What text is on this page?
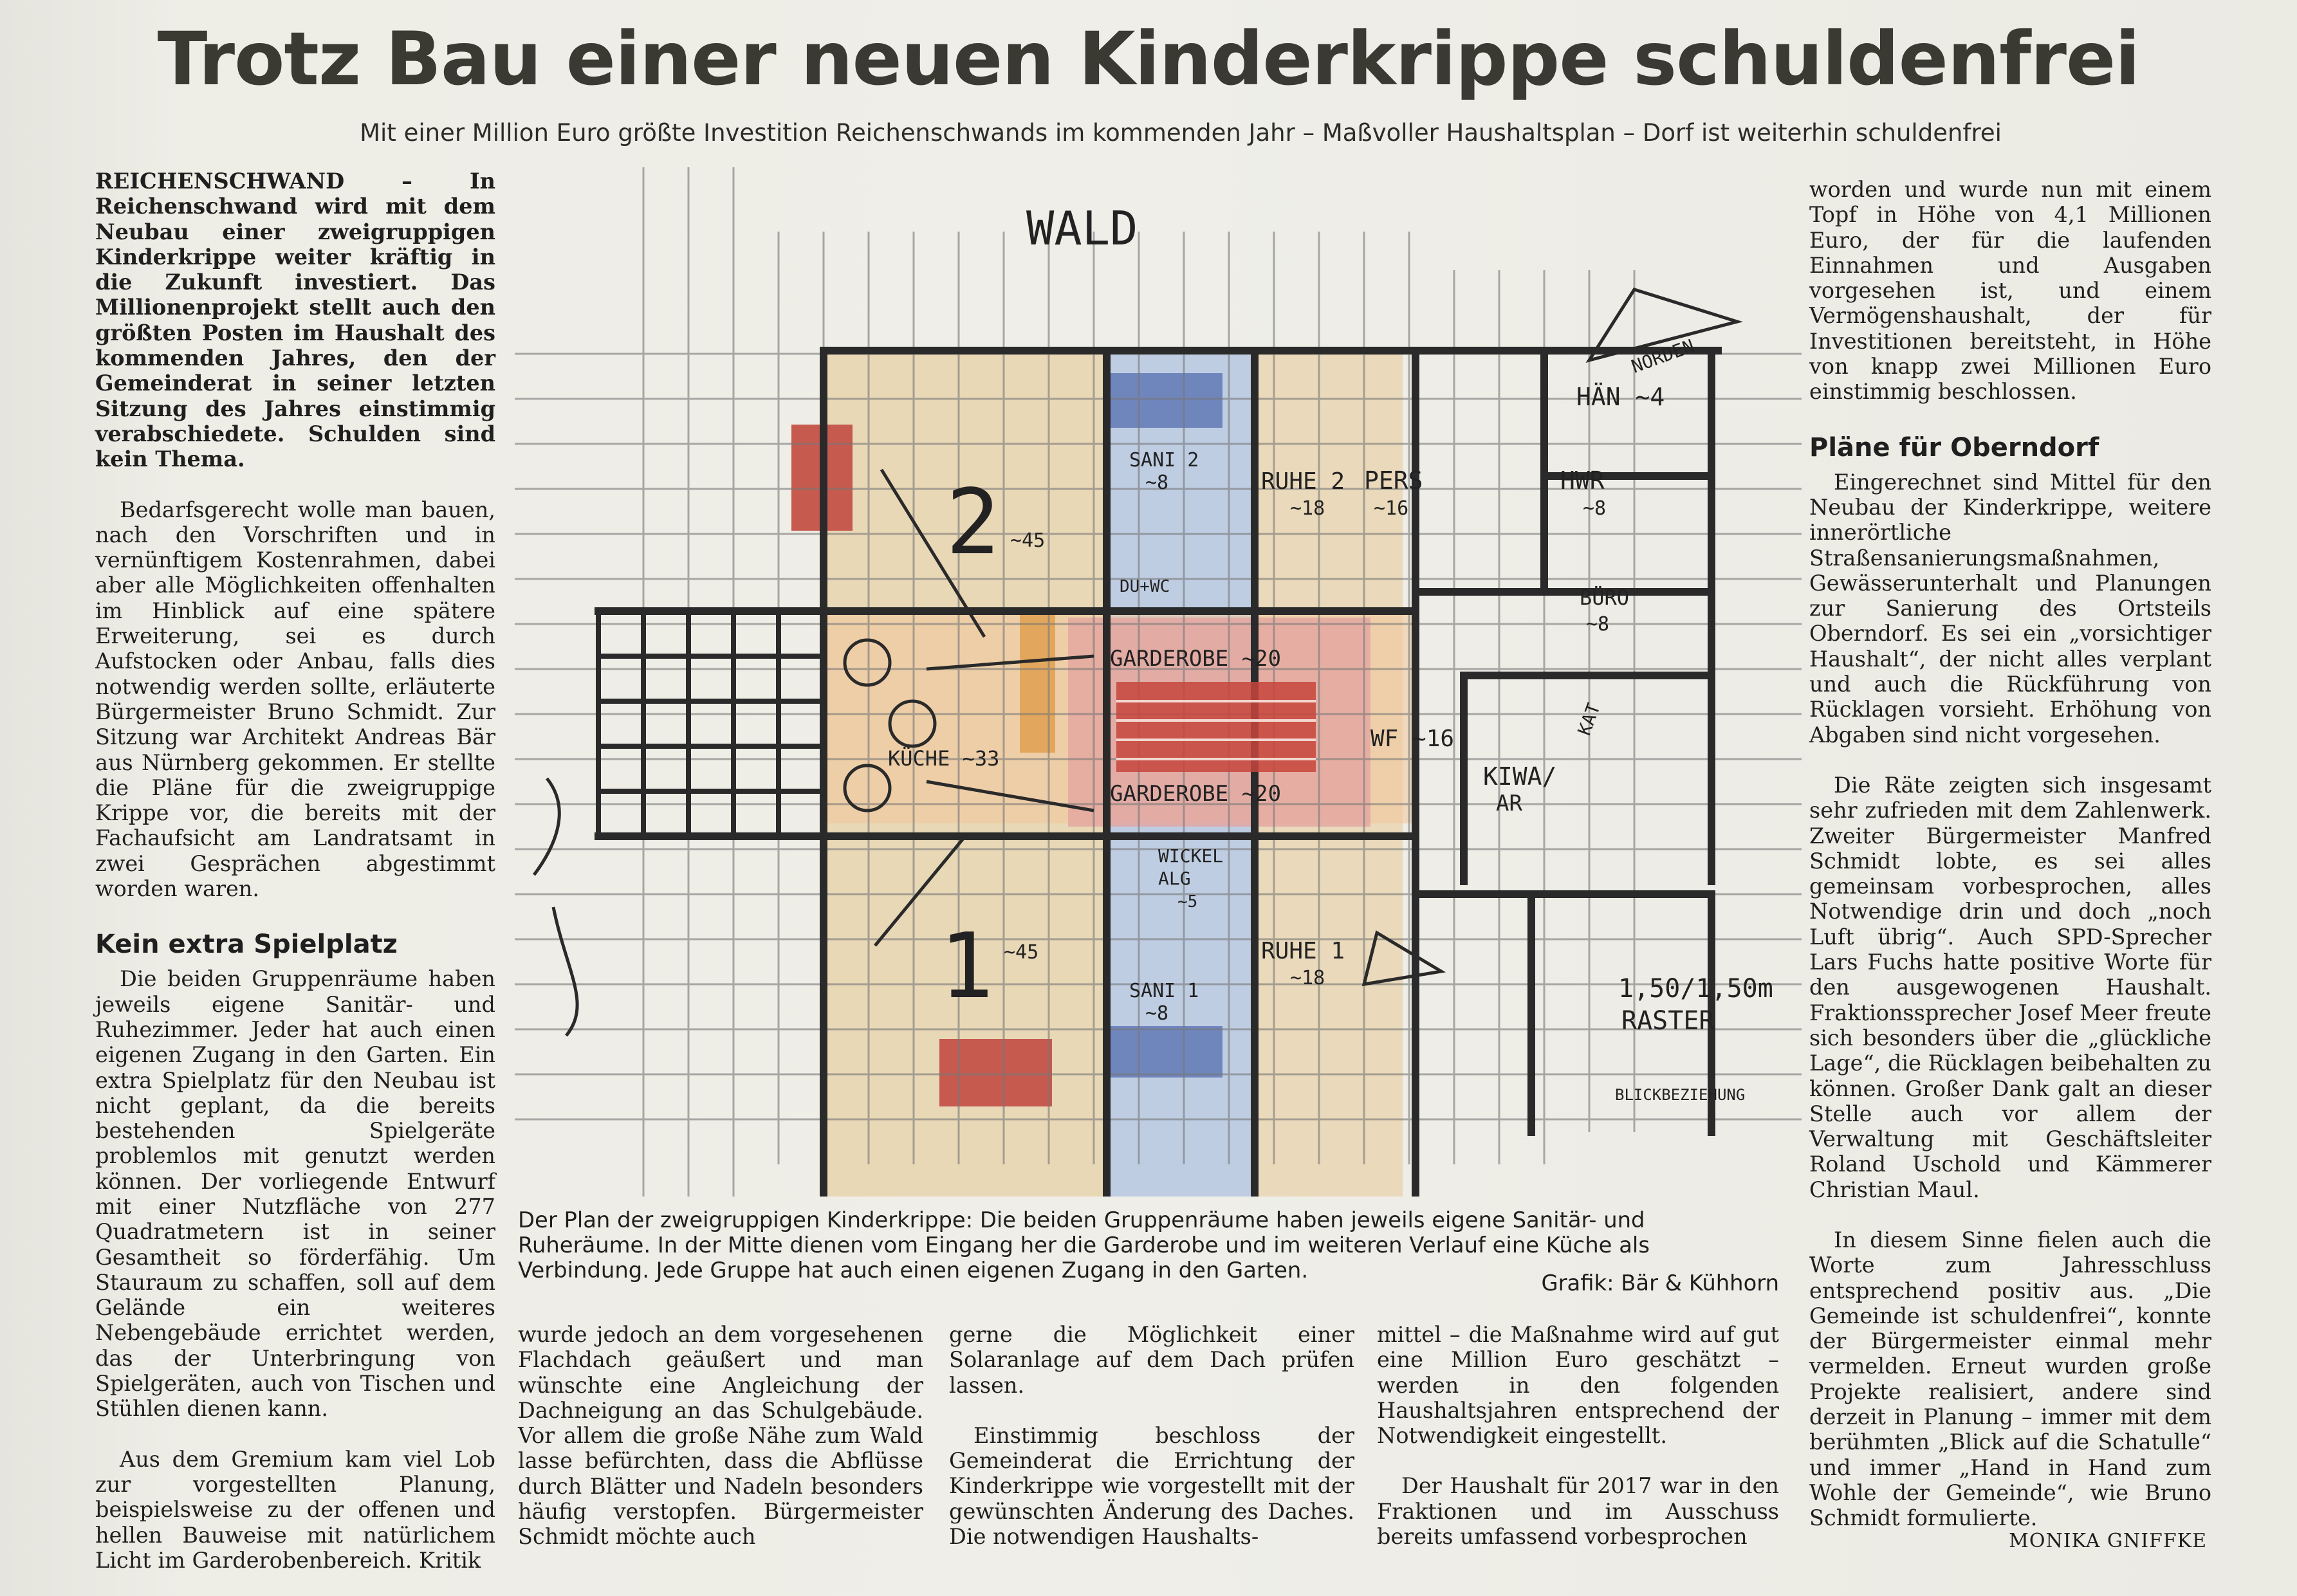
Trotz Bau einer neuen Kinderkrippe schuldenfrei
Mit einer Million Euro größte Investition Reichenschwands im kommenden Jahr – Maßvoller Haushaltsplan – Dorf ist weiterhin schuldenfrei

REICHENSCHWAND – In Reichenschwand wird mit dem Neubau einer zweigruppigen Kinderkrippe weiter kräftig in die Zukunft investiert. Das Millionenprojekt stellt auch den größten Posten im Haushalt des kommenden Jahres, den der Gemeinderat in seiner letzten Sitzung des Jahres einstimmig verabschiedete. Schulden sind kein Thema.

Bedarfsgerecht wolle man bauen, nach den Vorschriften und in vernünftigem Kostenrahmen, dabei aber alle Möglichkeiten offenhalten im Hinblick auf eine spätere Erweiterung, sei es durch Aufstocken oder Anbau, falls dies notwendig werden sollte, erläuterte Bürgermeister Bruno Schmidt. Zur Sitzung war Architekt Andreas Bär aus Nürnberg gekommen. Er stellte die Pläne für die zweigruppige Krippe vor, die bereits mit der Fachaufsicht am Landratsamt in zwei Gesprächen abgestimmt worden waren.

Kein extra Spielplatz

Die beiden Gruppenräume haben jeweils eigene Sanitär- und Ruhezimmer. Jeder hat auch einen eigenen Zugang in den Garten. Ein extra Spielplatz für den Neubau ist nicht geplant, da die bereits bestehenden Spielgeräte problemlos mit genutzt werden können. Der vorliegende Entwurf mit einer Nutzfläche von 277 Quadratmetern ist in seiner Gesamtheit so förderfähig. Um Stauraum zu schaffen, soll auf dem Gelände ein weiteres Nebengebäude errichtet werden, das der Unterbringung von Spielgeräten, auch von Tischen und Stühlen dienen kann.

Aus dem Gremium kam viel Lob zur vorgestellten Planung, beispielsweise zu der offenen und hellen Bauweise mit natürlichem Licht im Garderobenbereich. Kritik

WALD
NORDEN
HÄN ~4
PERS
~16
HWR
~8
BÜRO
~8
SANI 2
~8	RUHE 2
~18
DU+WC
2 ~45
GARDEROBE ~20
GARDEROBE ~20
KÜCHE ~33
WF ~16
KIWA/
AR
KAT
WICKEL
ALG
~5
1 ~45	RUHE 1
~18
SANI 1
~8
1,50/1,50m
RASTER
BLICKBEZIEHUNG
Der Plan der zweigruppigen Kinderkrippe: Die beiden Gruppenräume haben jeweils eigene Sanitär- und Ruheräume. In der Mitte dienen vom Eingang her die Garderobe und im weiteren Verlauf eine Küche als Verbindung. Jede Gruppe hat auch einen eigenen Zugang in den Garten.
Grafik: Bär & Kühhorn

wurde jedoch an dem vorgesehenen Flachdach geäußert und man wünschte eine Angleichung der Dachneigung an das Schulgebäude. Vor allem die große Nähe zum Wald lasse befürchten, dass die Abflüsse durch Blätter und Nadeln besonders häufig verstopfen. Bürgermeister Schmidt möchte auch

gerne die Möglichkeit einer Solaranlage auf dem Dach prüfen lassen.

Einstimmig beschloss der Gemeinderat die Errichtung der Kinderkrippe wie vorgestellt mit der gewünschten Änderung des Daches. Die notwendigen Haushalts-

mittel – die Maßnahme wird auf gut eine Million Euro geschätzt – werden in den folgenden Haushaltsjahren entsprechend der Notwendigkeit eingestellt.

Der Haushalt für 2017 war in den Fraktionen und im Ausschuss bereits umfassend vorbesprochen

worden und wurde nun mit einem Topf in Höhe von 4,1 Millionen Euro, der für die laufenden Einnahmen und Ausgaben vorgesehen ist, und einem Vermögenshaushalt, der für Investitionen bereitsteht, in Höhe von knapp zwei Millionen Euro einstimmig beschlossen.

Pläne für Oberndorf

Eingerechnet sind Mittel für den Neubau der Kinderkrippe, weitere innerörtliche Straßensanierungsmaßnahmen, Gewässerunterhalt und Planungen zur Sanierung des Ortsteils Oberndorf. Es sei ein „vorsichtiger Haushalt“, der nicht alles verplant und auch die Rückführung von Rücklagen vorsieht. Erhöhung von Abgaben sind nicht vorgesehen.

Die Räte zeigten sich insgesamt sehr zufrieden mit dem Zahlenwerk. Zweiter Bürgermeister Manfred Schmidt lobte, es sei alles gemeinsam vorbesprochen, alles Notwendige drin und doch „noch Luft übrig“. Auch SPD-Sprecher Lars Fuchs hatte positive Worte für den ausgewogenen Haushalt. Fraktionssprecher Josef Meer freute sich besonders über die „glückliche Lage“, die Rücklagen beibehalten zu können. Großer Dank galt an dieser Stelle auch vor allem der Verwaltung mit Geschäftsleiter Roland Uschold und Kämmerer Christian Maul.

In diesem Sinne fielen auch die Worte zum Jahresschluss entsprechend positiv aus. „Die Gemeinde ist schuldenfrei“, konnte der Bürgermeister einmal mehr vermelden. Erneut wurden große Projekte realisiert, andere sind derzeit in Planung – immer mit dem berühmten „Blick auf die Schatulle“ und immer „Hand in Hand zum Wohle der Gemeinde“, wie Bruno Schmidt formulierte.

MONIKA GNIFFKE
